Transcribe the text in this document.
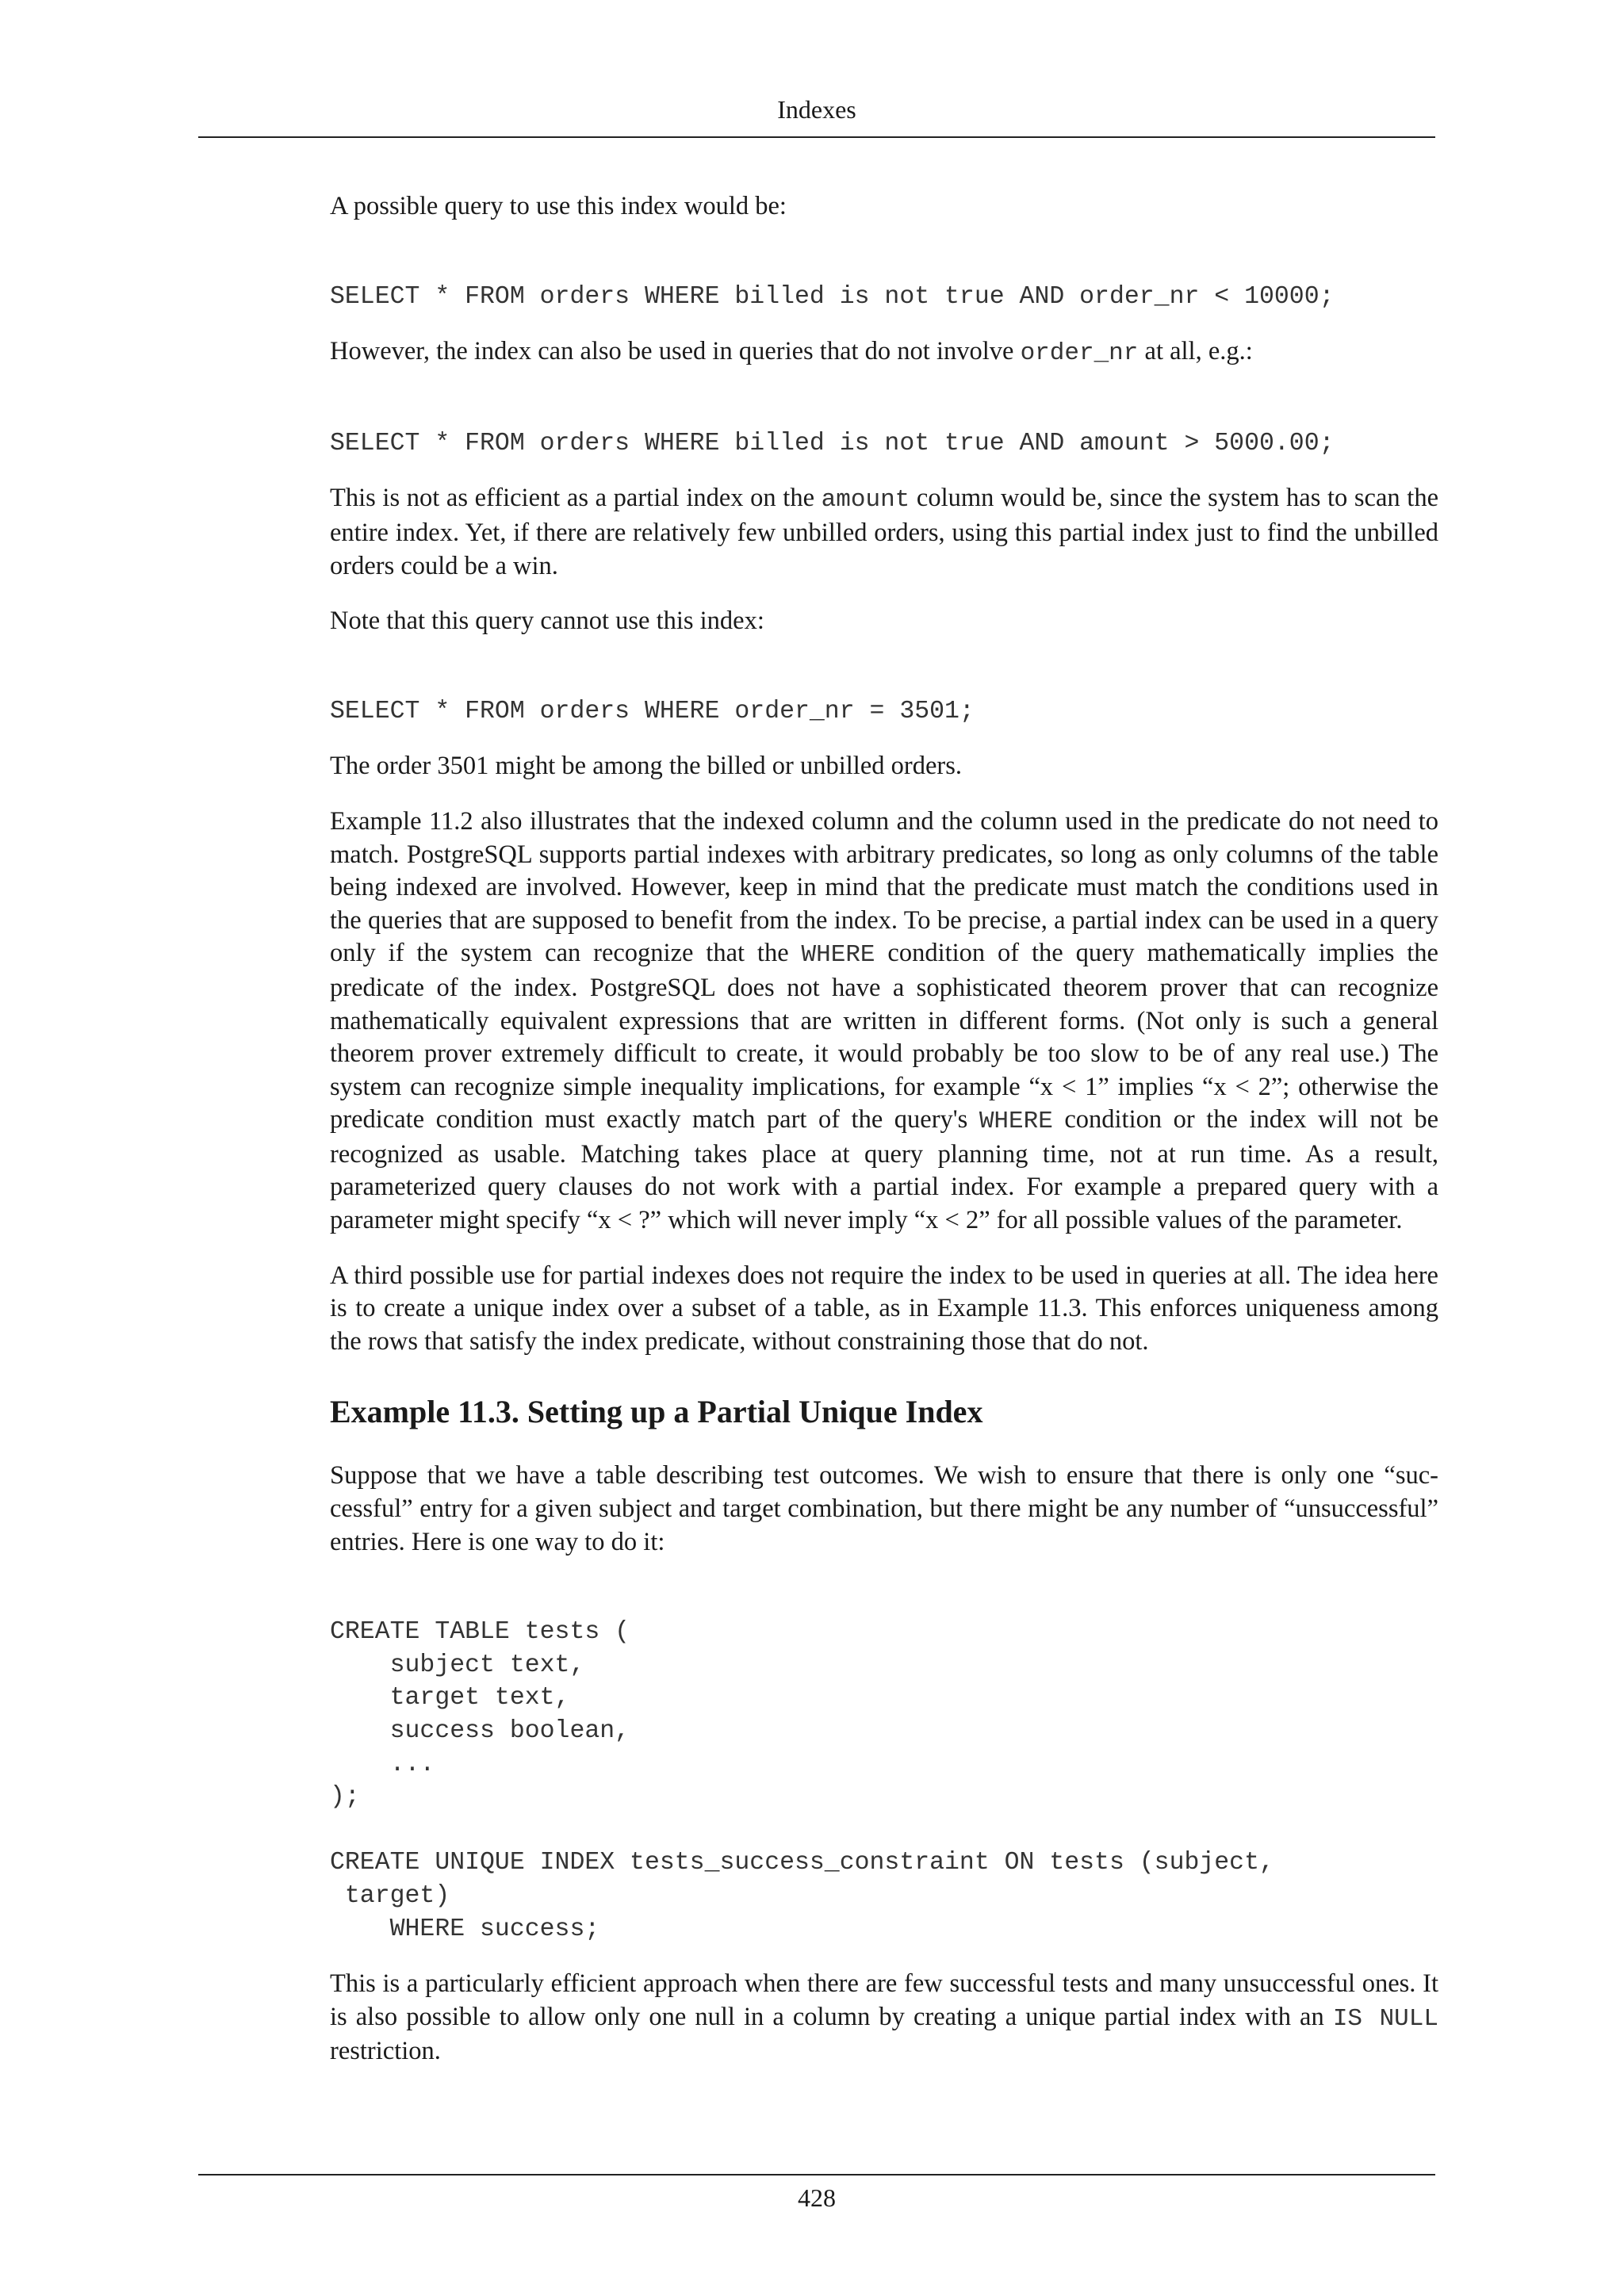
Indexes

A possible query to use this index would be:

SELECT * FROM orders WHERE billed is not true AND order_nr < 10000;

However, the index can also be used in queries that do not involve order_nr at all, e.g.:

SELECT * FROM orders WHERE billed is not true AND amount > 5000.00;

This is not as efficient as a partial index on the amount column would be, since the system has to scan the entire index. Yet, if there are relatively few unbilled orders, using this partial index just to find the unbilled orders could be a win.

Note that this query cannot use this index:

SELECT * FROM orders WHERE order_nr = 3501;

The order 3501 might be among the billed or unbilled orders.

Example 11.2 also illustrates that the indexed column and the column used in the predicate do not need to match. PostgreSQL supports partial indexes with arbitrary predicates, so long as only columns of the table being indexed are involved. However, keep in mind that the predicate must match the conditions used in the queries that are supposed to benefit from the index. To be precise, a partial index can be used in a query only if the system can recognize that the WHERE condition of the query mathematically implies the predicate of the index. PostgreSQL does not have a sophisticated theorem prover that can recognize mathematically equivalent expressions that are written in different forms. (Not only is such a general theorem prover extremely difficult to create, it would probably be too slow to be of any real use.) The system can recognize simple inequality implications, for example “x < 1” implies “x < 2”; otherwise the predicate condition must exactly match part of the query's WHERE condition or the index will not be recognized as usable. Matching takes place at query planning time, not at run time. As a result, parameterized query clauses do not work with a partial index. For example a prepared query with a parameter might specify “x < ?” which will never imply “x < 2” for all possible values of the parameter.

A third possible use for partial indexes does not require the index to be used in queries at all. The idea here is to create a unique index over a subset of a table, as in Example 11.3. This enforces uniqueness among the rows that satisfy the index predicate, without constraining those that do not.

Example 11.3. Setting up a Partial Unique Index

Suppose that we have a table describing test outcomes. We wish to ensure that there is only one “successful” entry for a given subject and target combination, but there might be any number of “unsuccessful” entries. Here is one way to do it:

CREATE TABLE tests (
subject text,
target text,
success boolean,
...
);

CREATE UNIQUE INDEX tests_success_constraint ON tests (subject,
target)
WHERE success;

This is a particularly efficient approach when there are few successful tests and many unsuccessful ones. It is also possible to allow only one null in a column by creating a unique partial index with an IS NULL restriction.

428
